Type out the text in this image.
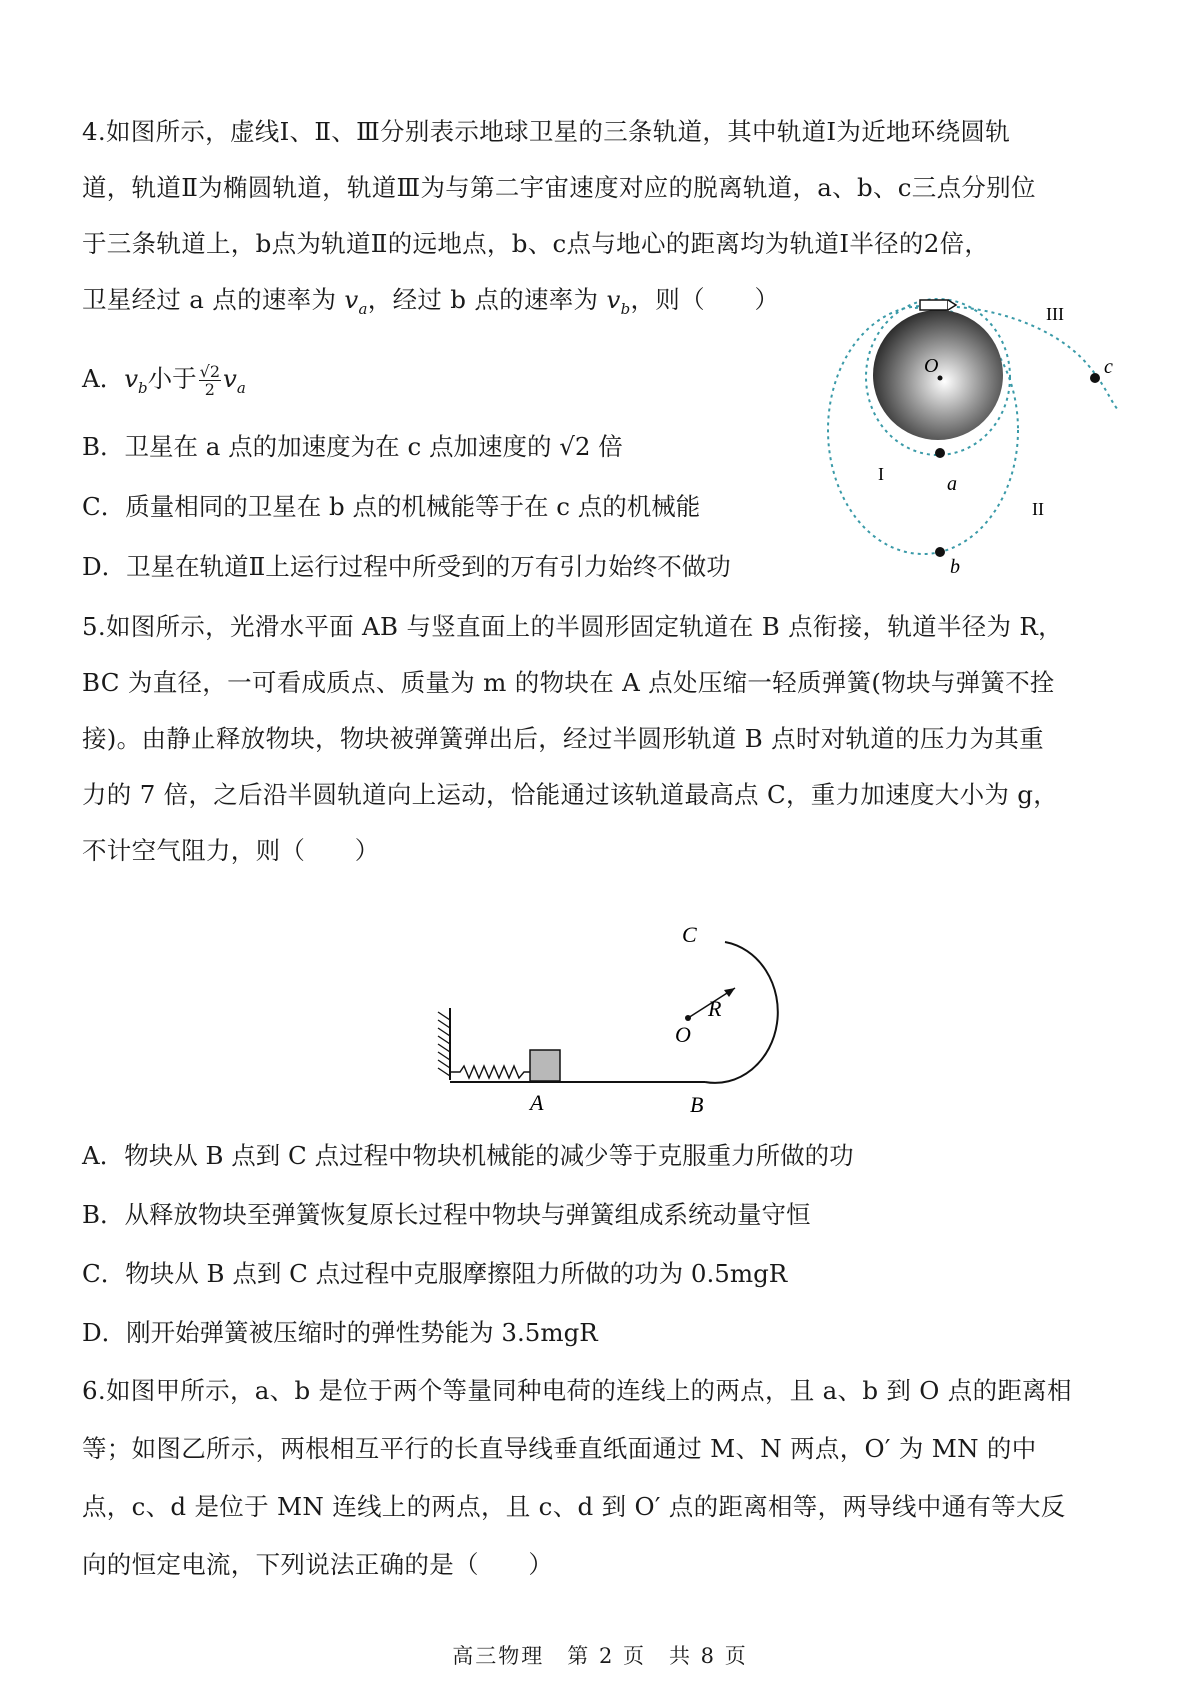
4.如图所示，虚线Ⅰ、Ⅱ、Ⅲ分别表示地球卫星的三条轨道，其中轨道Ⅰ为近地环绕圆轨
道，轨道Ⅱ为椭圆轨道，轨道Ⅲ为与第二宇宙速度对应的脱离轨道，a、b、c三点分别位
于三条轨道上，b点为轨道Ⅱ的远地点，b、c点与地心的距离均为轨道Ⅰ半径的2倍，
卫星经过 a 点的速率为 $v_a$，经过 b 点的速率为 $v_b$，则（　　）
A．$v_b$小于 $\frac{√2}{2} v_a$
B．卫星在 a 点的加速度为在 c 点加速度的 √2 倍
C．质量相同的卫星在 b 点的机械能等于在 c 点的机械能
D．卫星在轨道Ⅱ上运行过程中所受到的万有引力始终不做功
O
a
b
c
I
II
III
5.如图所示，光滑水平面 AB 与竖直面上的半圆形固定轨道在 B 点衔接，轨道半径为 R，
BC 为直径，一可看成质点、质量为 m 的物块在 A 点处压缩一轻质弹簧(物块与弹簧不拴
接)。由静止释放物块，物块被弹簧弹出后，经过半圆形轨道 B 点时对轨道的压力为其重
力的 7 倍，之后沿半圆轨道向上运动，恰能通过该轨道最高点 C，重力加速度大小为 g，
不计空气阻力，则（　　）
A	B
C
O
R
A．物块从 B 点到 C 点过程中物块机械能的减少等于克服重力所做的功
B．从释放物块至弹簧恢复原长过程中物块与弹簧组成系统动量守恒
C．物块从 B 点到 C 点过程中克服摩擦阻力所做的功为 0.5mgR
D．刚开始弹簧被压缩时的弹性势能为 3.5mgR
6.如图甲所示，a、b 是位于两个等量同种电荷的连线上的两点，且 a、b 到 O 点的距离相
等；如图乙所示，两根相互平行的长直导线垂直纸面通过 M、N 两点，O′ 为 MN 的中
点，c、d 是位于 MN 连线上的两点，且 c、d 到 O′ 点的距离相等，两导线中通有等大反
向的恒定电流，下列说法正确的是（　　）
高三物理　第 2 页　共 8 页
